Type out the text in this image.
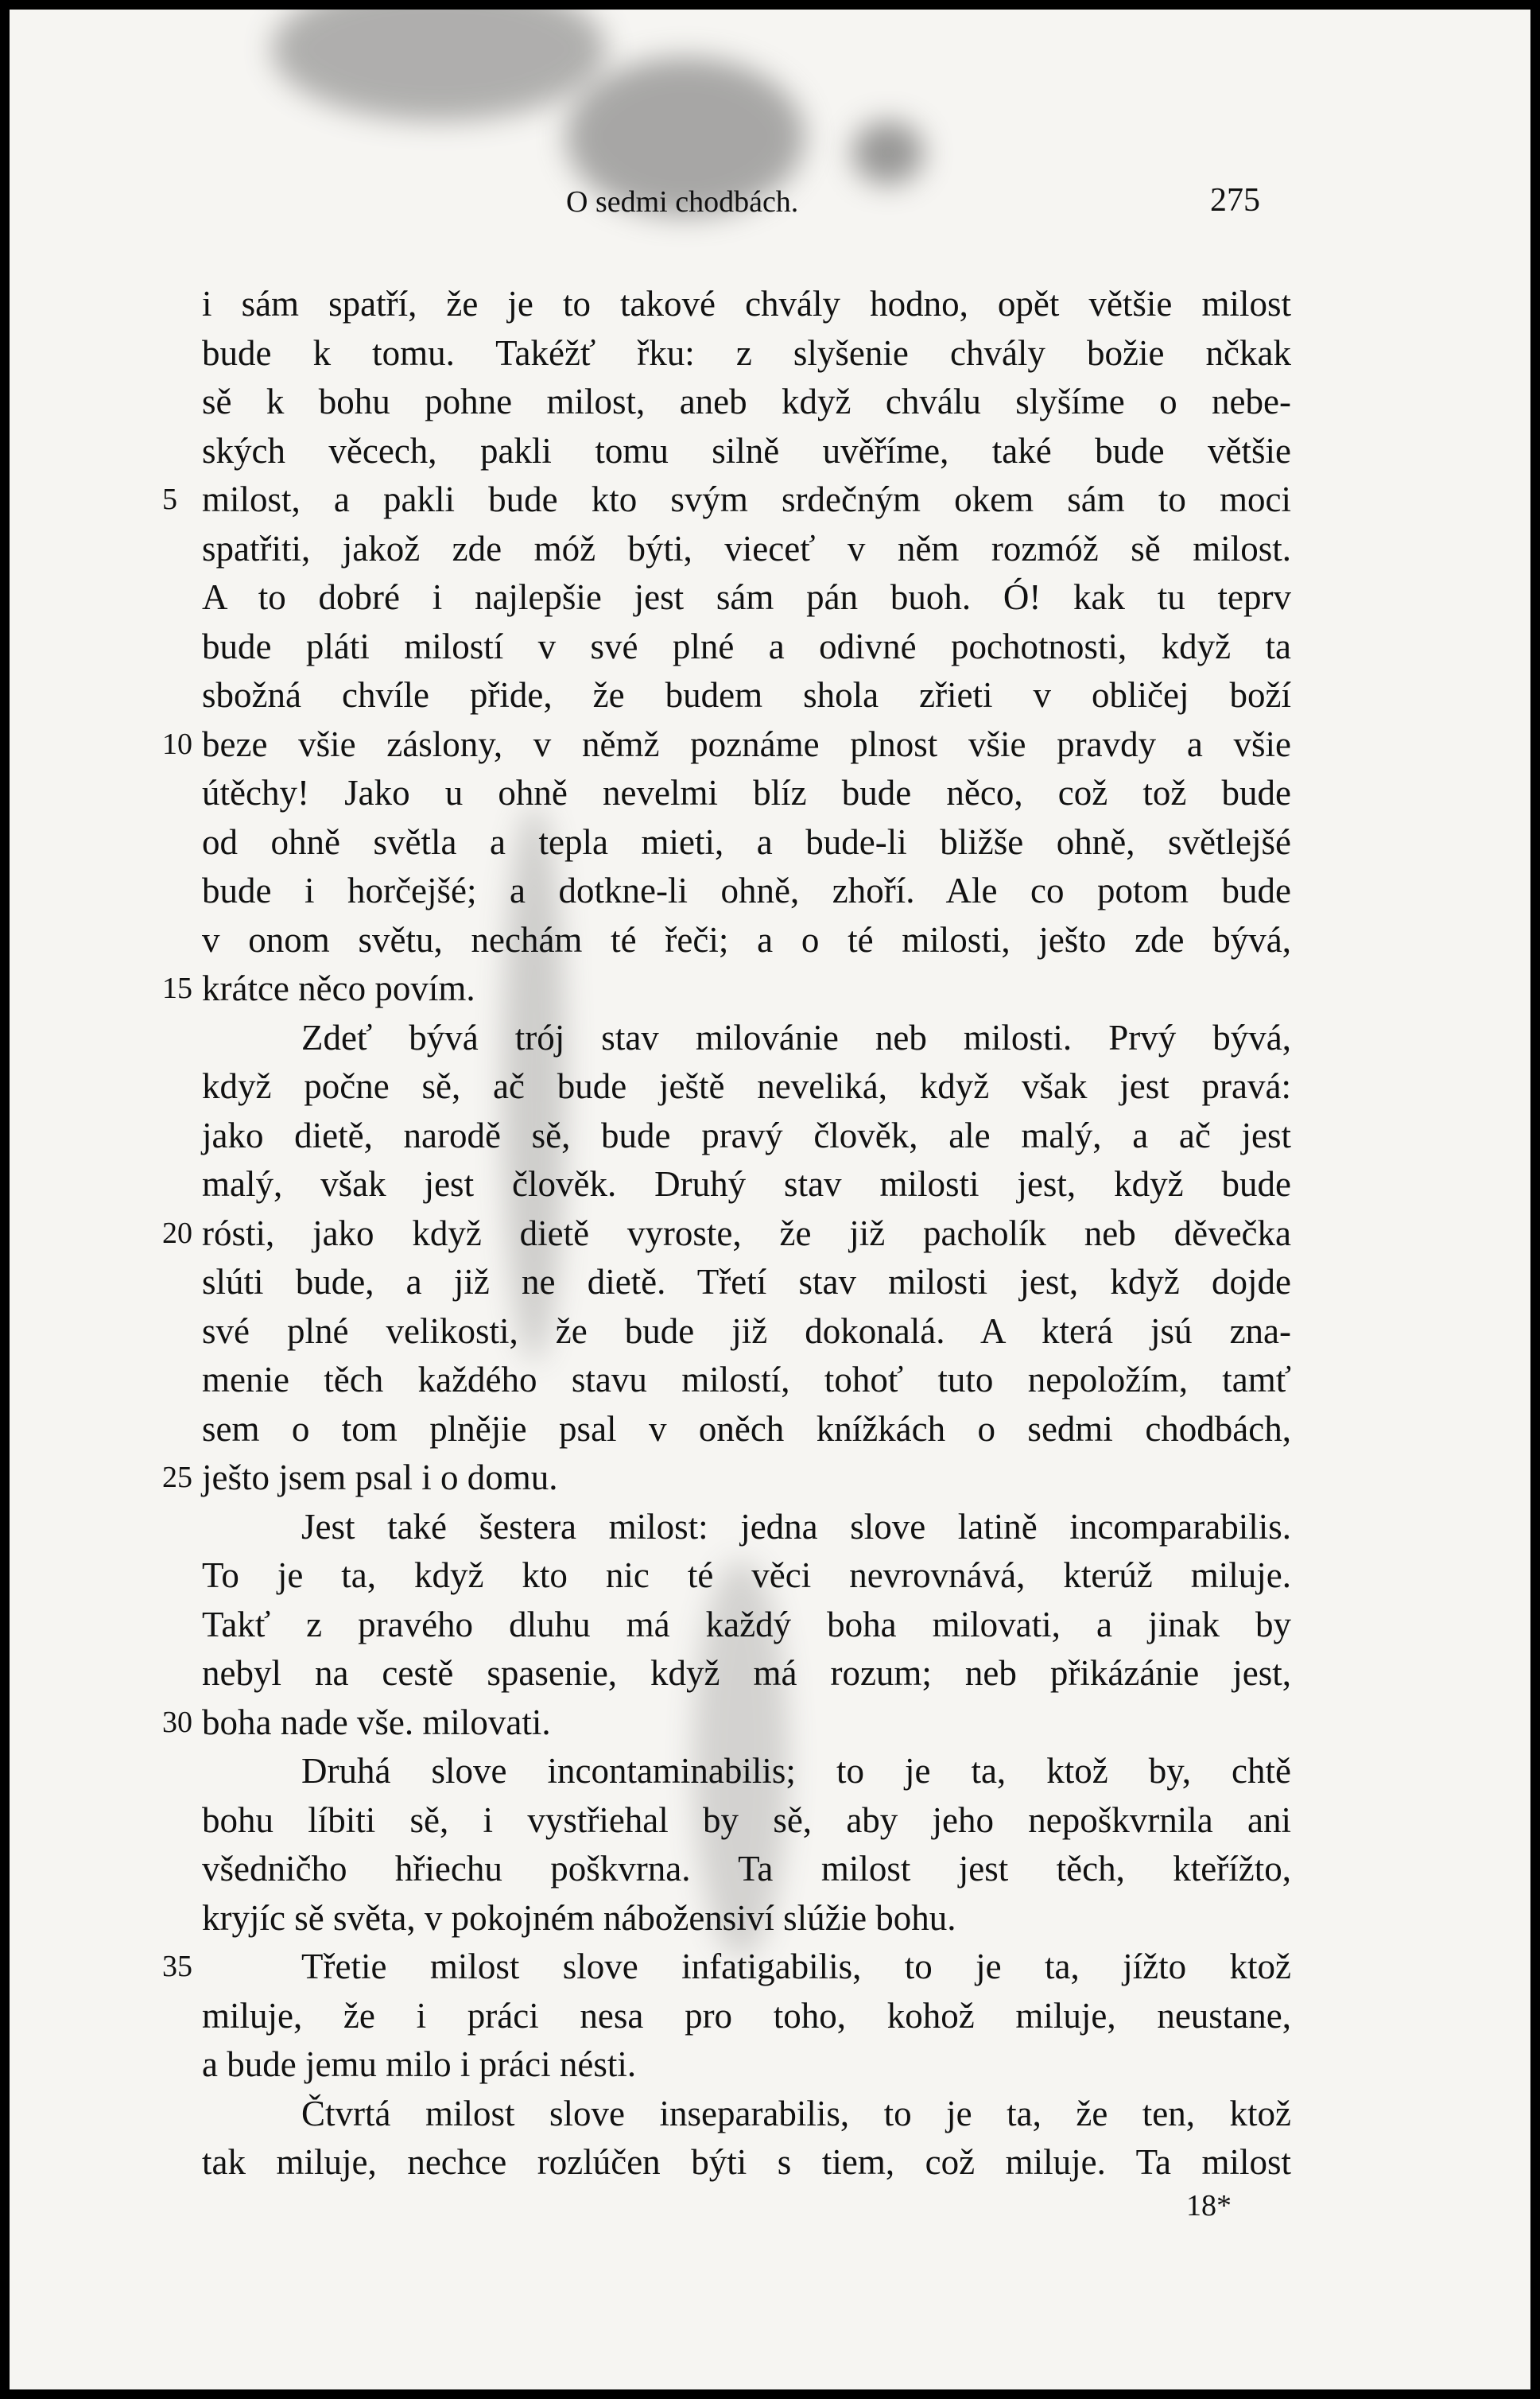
O sedmi chodbách.	275
i sám spatří, že je to takové chvály hodno, opět většie milost
bude k tomu. Takéžť řku: z slyšenie chvály božie nčkak
sě k bohu pohne milost, aneb když chválu slyšíme o nebe-
ských věcech, pakli tomu silně uvěříme, také bude většie
5 milost, a pakli bude kto svým srdečným okem sám to moci
spatřiti, jakož zde móž býti, vieceť v něm rozmóž sě milost.
A to dobré i najlepšie jest sám pán buoh. Ó! kak tu teprv
bude pláti milostí v své plné a odivné pochotnosti, když ta
sbožná chvíle přide, že budem shola zřieti v obličej boží
10 beze všie záslony, v němž poznáme plnost všie pravdy a všie
útěchy! Jako u ohně nevelmi blíz bude něco, což tož bude
od ohně světla a tepla mieti, a bude-li bližše ohně, světlejšé
bude i horčejšé; a dotkne-li ohně, zhoří. Ale co potom bude
v onom světu, nechám té řeči; a o té milosti, ješto zde bývá,
15 krátce něco povím.
Zdeť bývá trój stav milovánie neb milosti. Prvý bývá,
když počne sě, ač bude ještě neveliká, když však jest pravá:
jako dietě, narodě sě, bude pravý člověk, ale malý, a ač jest
malý, však jest člověk. Druhý stav milosti jest, když bude
20 rósti, jako když dietě vyroste, že již pacholík neb děvečka
slúti bude, a již ne dietě. Třetí stav milosti jest, když dojde
své plné velikosti, že bude již dokonalá. A která jsú zna-
menie těch každého stavu milostí, tohoť tuto nepoložím, tamť
sem o tom plnějie psal v oněch knížkách o sedmi chodbách,
25 ješto jsem psal i o domu.
Jest také šestera milost: jedna slove latině incomparabilis.
To je ta, když kto nic té věci nevrovnává, kterúž miluje.
Takť z pravého dluhu má každý boha milovati, a jinak by
nebyl na cestě spasenie, když má rozum; neb přikázánie jest,
30 boha nade vše. milovati.
Druhá slove incontaminabilis; to je ta, ktož by, chtě
bohu líbiti sě, i vystřiehal by sě, aby jeho nepoškvrnila ani
všedničho hřiechu poškvrna. Ta milost jest těch, kteřížto,
kryjíc sě světa, v pokojném nábožensiví slúžie bohu.
35	Třetie milost slove infatigabilis, to je ta, jížto ktož
miluje, že i práci nesa pro toho, kohož miluje, neustane,
a bude jemu milo i práci nésti.
Čtvrtá milost slove inseparabilis, to je ta, že ten, ktož
tak miluje, nechce rozlúčen býti s tiem, což miluje. Ta milost
18*
